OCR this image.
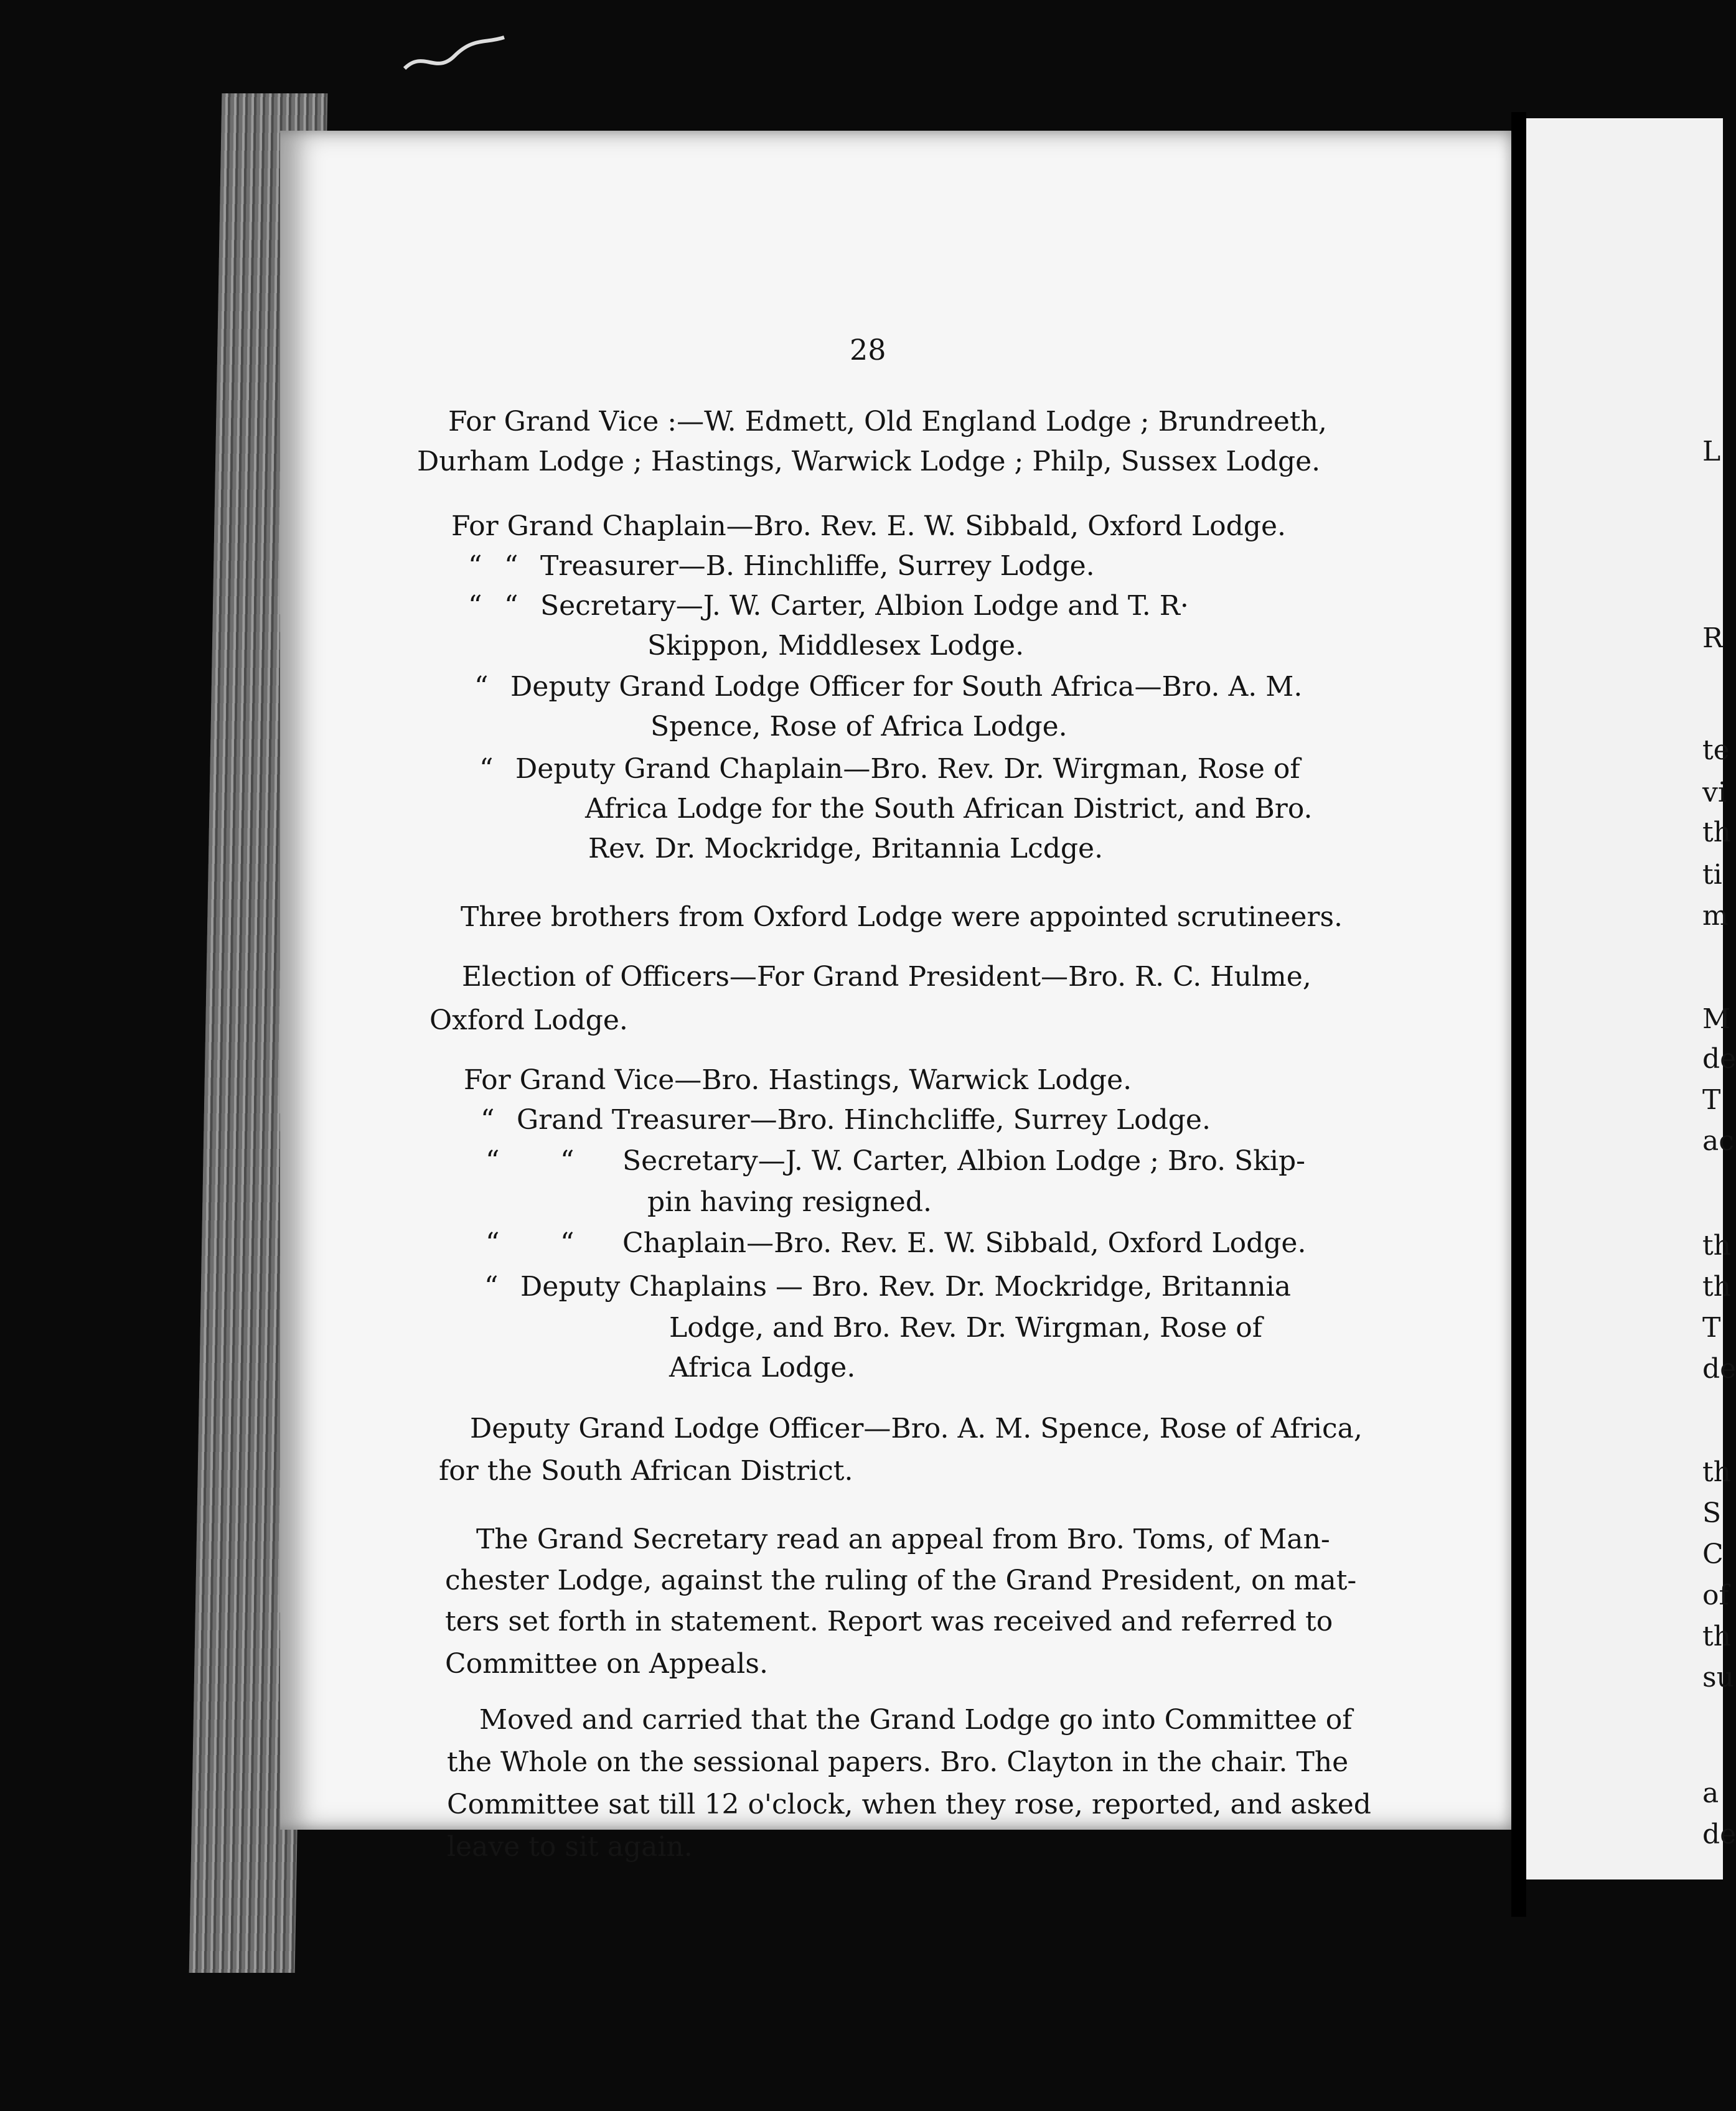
28
For Grand Vice :—W. Edmett, Old England Lodge ; Brundreeth,
Durham Lodge ; Hastings, Warwick Lodge ; Philp, Sussex Lodge.
For Grand Chaplain—Bro. Rev. E. W. Sibbald, Oxford Lodge.
“ “ Treasurer—B. Hinchliffe, Surrey Lodge.
“ “ Secretary—J. W. Carter, Albion Lodge and T. R·
Skippon, Middlesex Lodge.
“ Deputy Grand Lodge Officer for South Africa—Bro. A. M.
Spence, Rose of Africa Lodge.
“ Deputy Grand Chaplain—Bro. Rev. Dr. Wirgman, Rose of
Africa Lodge for the South African District, and Bro.
Rev. Dr. Mockridge, Britannia Lcdge.
Three brothers from Oxford Lodge were appointed scrutineers.
Election of Officers—For Grand President—Bro. R. C. Hulme,
Oxford Lodge.
For Grand Vice—Bro. Hastings, Warwick Lodge.
“ Grand Treasurer—Bro. Hinchcliffe, Surrey Lodge.
“ “ Secretary—J. W. Carter, Albion Lodge ; Bro. Skip-
pin having resigned.
“ “ Chaplain—Bro. Rev. E. W. Sibbald, Oxford Lodge.
“ Deputy Chaplains — Bro. Rev. Dr. Mockridge, Britannia
Lodge, and Bro. Rev. Dr. Wirgman, Rose of
Africa Lodge.
Deputy Grand Lodge Officer—Bro. A. M. Spence, Rose of Africa,
for the South African District.
The Grand Secretary read an appeal from Bro. Toms, of Man-
chester Lodge, against the ruling of the Grand President, on mat-
ters set forth in statement. Report was received and referred to
Committee on Appeals.
Moved and carried that the Grand Lodge go into Committee of
the Whole on the sessional papers. Bro. Clayton in the chair. The
Committee sat till 12 o'clock, when they rose, reported, and asked
leave to sit again.
L
R
te
vi
th
ti
m
M
de
T
ac
th
th
T
de
th
S
C
of
th
su
a
de
